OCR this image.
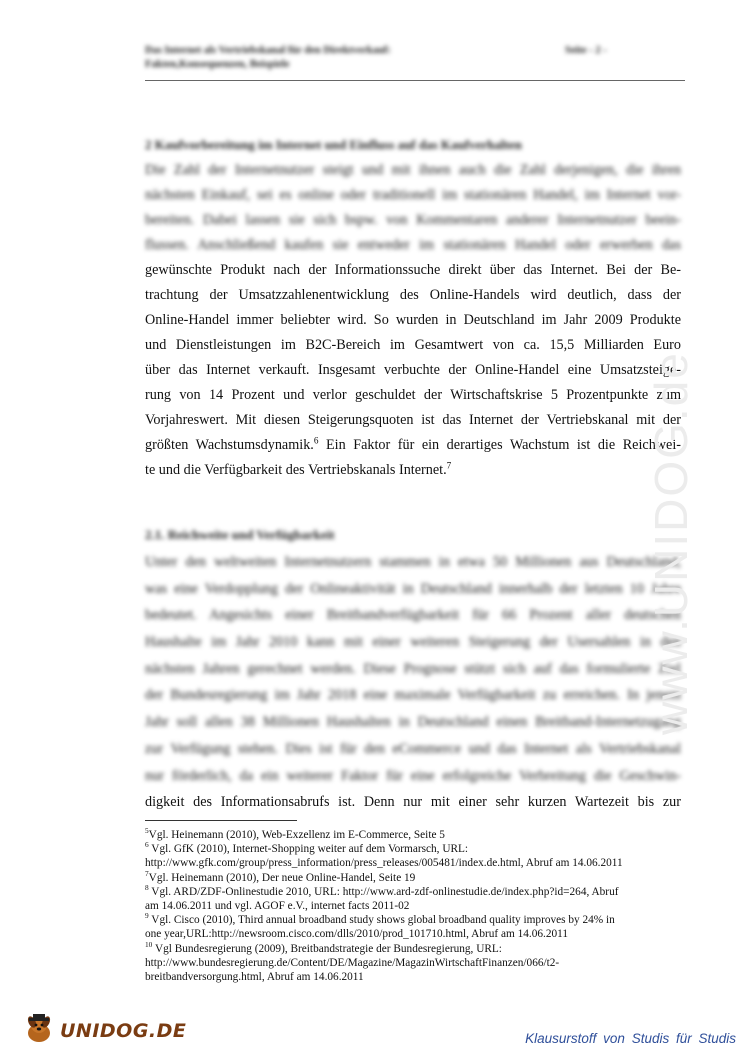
Das Internet als Vertriebskanal für den Direktverkauf:
Fakten,Konsequenzen, Beispiele
Seite - 2 -
2 Kaufvorbereitung im Internet und Einfluss auf das Kaufverhalten
Die Zahl der Internetnutzer steigt und mit ihnen auch die Zahl derjenigen, die ihren
nächsten Einkauf, sei es online oder traditionell im stationären Handel, im Internet vor-
bereiten. Dabei lassen sie sich bspw. von Kommentaren anderer Internetnutzer beein-
flussen. Anschließend kaufen sie entweder im stationären Handel oder erwerben das
gewünschte Produkt nach der Informationssuche direkt über das Internet. Bei der Be-
trachtung der Umsatzzahlenentwicklung des Online-Handels wird deutlich, dass der
Online-Handel immer beliebter wird. So wurden in Deutschland im Jahr 2009 Produkte
und Dienstleistungen im B2C-Bereich im Gesamtwert von ca. 15,5 Milliarden Euro
über das Internet verkauft. Insgesamt verbuchte der Online-Handel eine Umsatzsteige-
rung von 14 Prozent und verlor geschuldet der Wirtschaftskrise 5 Prozentpunkte zum
Vorjahreswert. Mit diesen Steigerungsquoten ist das Internet der Vertriebskanal mit der
größten Wachstumsdynamik.$^6$ Ein Faktor für ein derartiges Wachstum ist die Reichwei-
te und die Verfügbarkeit des Vertriebskanals Internet.$^7$
2.1. Reichweite und Verfügbarkeit
Unter den weltweiten Internetnutzern stammen in etwa 50 Millionen aus Deutschland,
was eine Verdopplung der Onlineaktivität in Deutschland innerhalb der letzten 10 Jahre
bedeutet. Angesichts einer Breitbandverfügbarkeit für 66 Prozent aller deutschen
Haushalte im Jahr 2010 kann mit einer weiteren Steigerung der Usersahlen in den
nächsten Jahren gerechnet werden. Diese Prognose stützt sich auf das formulierte Ziel
der Bundesregierung im Jahr 2018 eine maximale Verfügbarkeit zu erreichen. In jenem
Jahr soll allen 38 Millionen Haushalten in Deutschland einen Breitband-Internetzugang
zur Verfügung stehen. Dies ist für den eCommerce und das Internet als Vertriebskanal
nur förderlich, da ein weiterer Faktor für eine erfolgreiche Verbreitung die Geschwin-
digkeit des Informationsabrufs ist. Denn nur mit einer sehr kurzen Wartezeit bis zur
$^5$Vgl. Heinemann (2010), Web-Exzellenz im E-Commerce, Seite 5
$^6$ Vgl. GfK (2010), Internet-Shopping weiter auf dem Vormarsch, URL:
http://www.gfk.com/group/press_information/press_releases/005481/index.de.html, Abruf am 14.06.2011
$^7$Vgl. Heinemann (2010), Der neue Online-Handel, Seite 19
$^8$ Vgl. ARD/ZDF-Onlinestudie 2010, URL: http://www.ard-zdf-onlinestudie.de/index.php?id=264, Abruf
am 14.06.2011 und vgl. AGOF e.V., internet facts 2011-02
$^9$ Vgl. Cisco (2010), Third annual broadband study shows global broadband quality improves by 24% in
one year,URL:http://newsroom.cisco.com/dlls/2010/prod_101710.html, Abruf am 14.06.2011
$^{10}$ Vgl Bundesregierung (2009), Breitbandstrategie der Bundesregierung, URL:
http://www.bundesregierung.de/Content/DE/Magazine/MagazinWirtschaftFinanzen/066/t2-
breitbandversorgung.html, Abruf am 14.06.2011
www.UNIDOG.de
UNIDOG.DE	Klausurstoff von Studis für Studis
